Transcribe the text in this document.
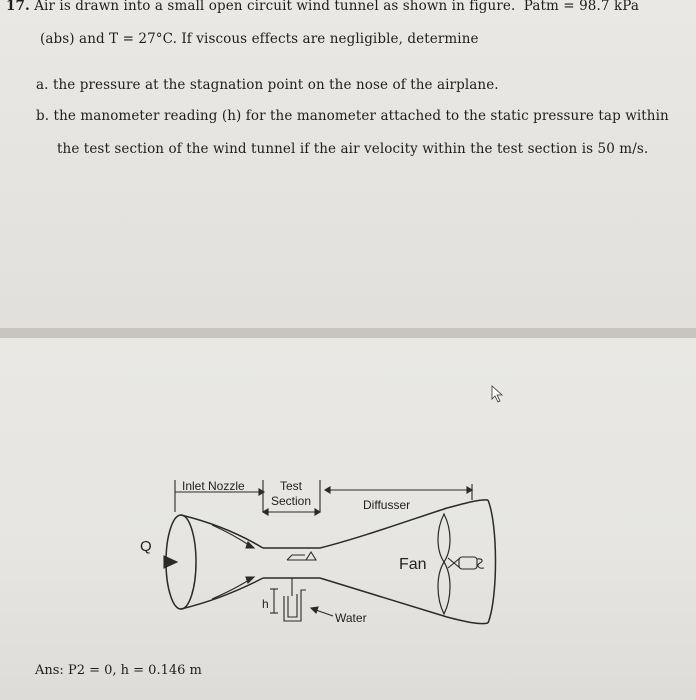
17. Air is drawn into a small open circuit wind tunnel as shown in figure. Patm = 98.7 kPa
(abs) and T = 27°C. If viscous effects are negligible, determine
a. the pressure at the stagnation point on the nose of the airplane.
b. the manometer reading (h) for the manometer attached to the static pressure tap within
the test section of the wind tunnel if the air velocity within the test section is 50 m/s.
Inlet Nozzle	Test
Section	Diffusser
Q
Fan
h
Water
Ans: P2 = 0, h = 0.146 m
